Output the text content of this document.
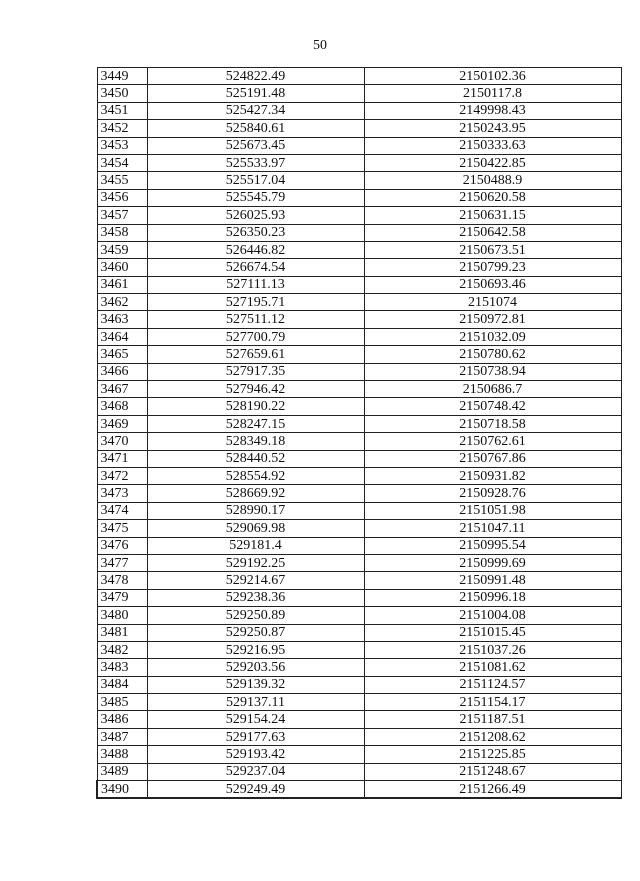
50
3449	524822.49	2150102.36
3450	525191.48	2150117.8
3451	525427.34	2149998.43
3452	525840.61	2150243.95
3453	525673.45	2150333.63
3454	525533.97	2150422.85
3455	525517.04	2150488.9
3456	525545.79	2150620.58
3457	526025.93	2150631.15
3458	526350.23	2150642.58
3459	526446.82	2150673.51
3460	526674.54	2150799.23
3461	527111.13	2150693.46
3462	527195.71	2151074
3463	527511.12	2150972.81
3464	527700.79	2151032.09
3465	527659.61	2150780.62
3466	527917.35	2150738.94
3467	527946.42	2150686.7
3468	528190.22	2150748.42
3469	528247.15	2150718.58
3470	528349.18	2150762.61
3471	528440.52	2150767.86
3472	528554.92	2150931.82
3473	528669.92	2150928.76
3474	528990.17	2151051.98
3475	529069.98	2151047.11
3476	529181.4	2150995.54
3477	529192.25	2150999.69
3478	529214.67	2150991.48
3479	529238.36	2150996.18
3480	529250.89	2151004.08
3481	529250.87	2151015.45
3482	529216.95	2151037.26
3483	529203.56	2151081.62
3484	529139.32	2151124.57
3485	529137.11	2151154.17
3486	529154.24	2151187.51
3487	529177.63	2151208.62
3488	529193.42	2151225.85
3489	529237.04	2151248.67
3490	529249.49	2151266.49
